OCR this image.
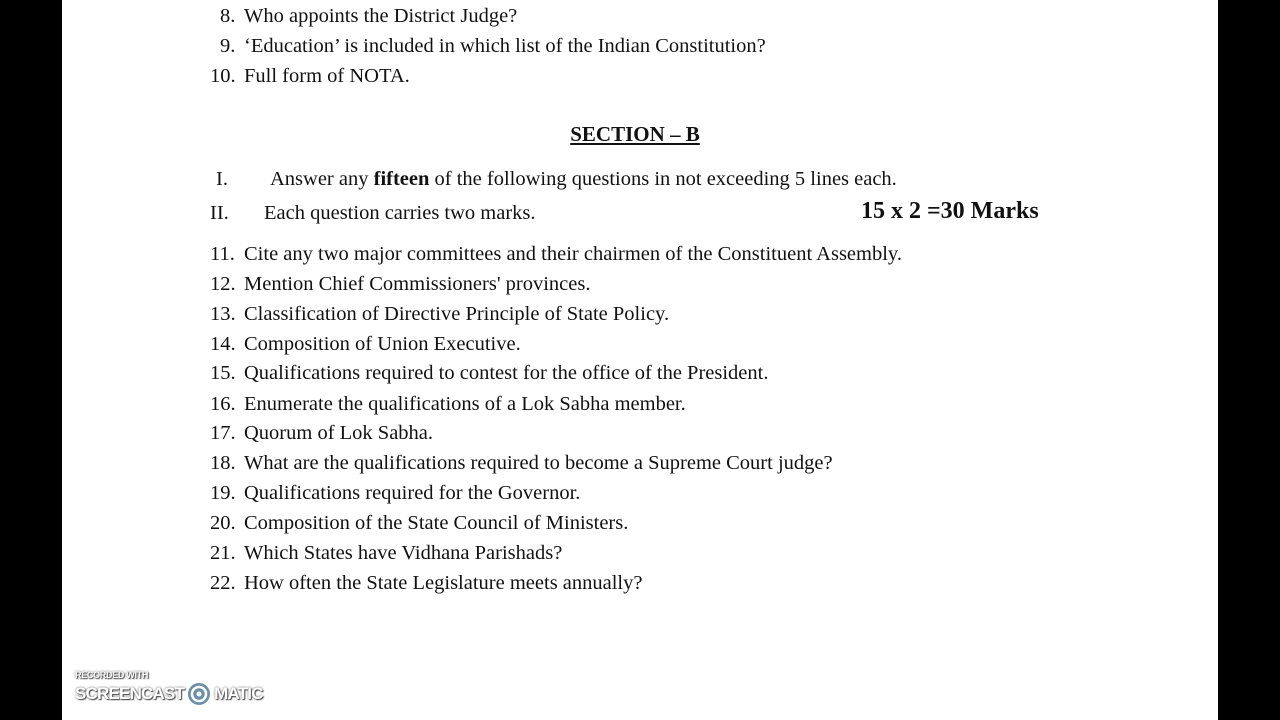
8. Who appoints the District Judge?
9. ‘Education’ is included in which list of the Indian Constitution?
10. Full form of NOTA.
SECTION – B
I. Answer any fifteen of the following questions in not exceeding 5 lines each.
II. Each question carries two marks.	15 x 2 =30 Marks
11. Cite any two major committees and their chairmen of the Constituent Assembly.
12. Mention Chief Commissioners' provinces.
13. Classification of Directive Principle of State Policy.
14. Composition of Union Executive.
15. Qualifications required to contest for the office of the President.
16. Enumerate the qualifications of a Lok Sabha member.
17. Quorum of Lok Sabha.
18. What are the qualifications required to become a Supreme Court judge?
19. Qualifications required for the Governor.
20. Composition of the State Council of Ministers.
21. Which States have Vidhana Parishads?
22. How often the State Legislature meets annually?
RECORDED WITH
SCREENCAST MATIC
